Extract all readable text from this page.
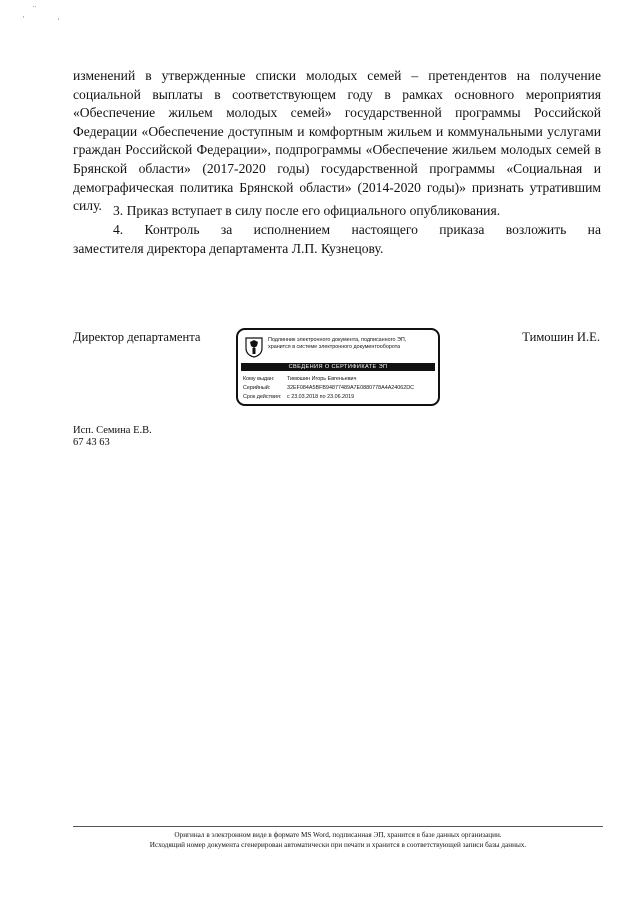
·
¨
·
изменений в утвержденные списки молодых семей – претендентов на получение социальной выплаты в соответствующем году в рамках основного мероприятия «Обеспечение жильем молодых семей» государственной программы Российской Федерации «Обеспечение доступным и комфортным жильем и коммунальными услугами граждан Российской Федерации», подпрограммы «Обеспечение жильем молодых семей в Брянской области» (2017-2020 годы) государственной программы «Социальная и демографическая политика Брянской области» (2014-2020 годы)» признать утратившим силу. 3. Приказ вступает в силу после его официального опубликования.
4. Контроль за исполнением настоящего приказа возложить на
заместителя директора департамента Л.П. Кузнецову.
Директор департамента	Тимошин И.Е.
Подлинник электронного документа, подписанного ЭП,
хранится в системе электронного документооборота
СВЕДЕНИЯ О СЕРТИФИКАТЕ ЭП
Кому выдан: Тимошин Игорь Евгеньевич
Серийный:	32EF084A5BFB94877489A7E0880778A4A24062DC
Срок действия: с 23.03.2018 по 23.06.2019
Исп. Семина Е.В.
67 43 63
Оригинал в электронном виде в формате MS Word, подписанная ЭП, хранится в базе данных организации.
Исходящий номер документа сгенерирован автоматически при печати и хранится в соответствующей записи базы данных.
